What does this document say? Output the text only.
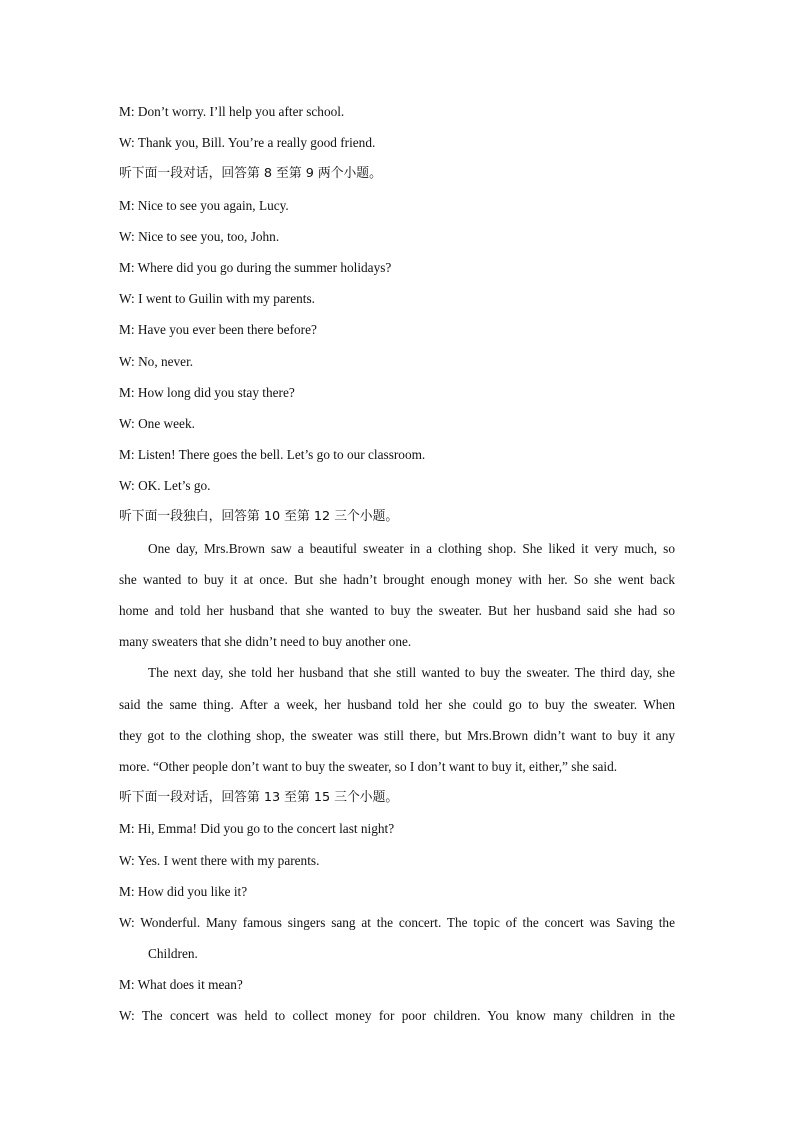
M: Don’t worry. I’ll help you after school.
W: Thank you, Bill. You’re a really good friend.
听下面一段对话，回答第 8 至第 9 两个小题。
M: Nice to see you again, Lucy.
W: Nice to see you, too, John.
M: Where did you go during the summer holidays?
W: I went to Guilin with my parents.
M: Have you ever been there before?
W: No, never.
M: How long did you stay there?
W: One week.
M: Listen! There goes the bell. Let’s go to our classroom.
W: OK. Let’s go.
听下面一段独白，回答第 10 至第 12 三个小题。
One day, Mrs.Brown saw a beautiful sweater in a clothing shop. She liked it very much, so
she wanted to buy it at once. But she hadn’t brought enough money with her. So she went back
home and told her husband that she wanted to buy the sweater. But her husband said she had so
many sweaters that she didn’t need to buy another one.
The next day, she told her husband that she still wanted to buy the sweater. The third day, she
said the same thing. After a week, her husband told her she could go to buy the sweater. When
they got to the clothing shop, the sweater was still there, but Mrs.Brown didn’t want to buy it any
more. “Other people don’t want to buy the sweater, so I don’t want to buy it, either,” she said.
听下面一段对话，回答第 13 至第 15 三个小题。
M: Hi, Emma! Did you go to the concert last night?
W: Yes. I went there with my parents.
M: How did you like it?
W: Wonderful. Many famous singers sang at the concert. The topic of the concert was Saving the
Children.
M: What does it mean?
W: The concert was held to collect money for poor children. You know many children in the
